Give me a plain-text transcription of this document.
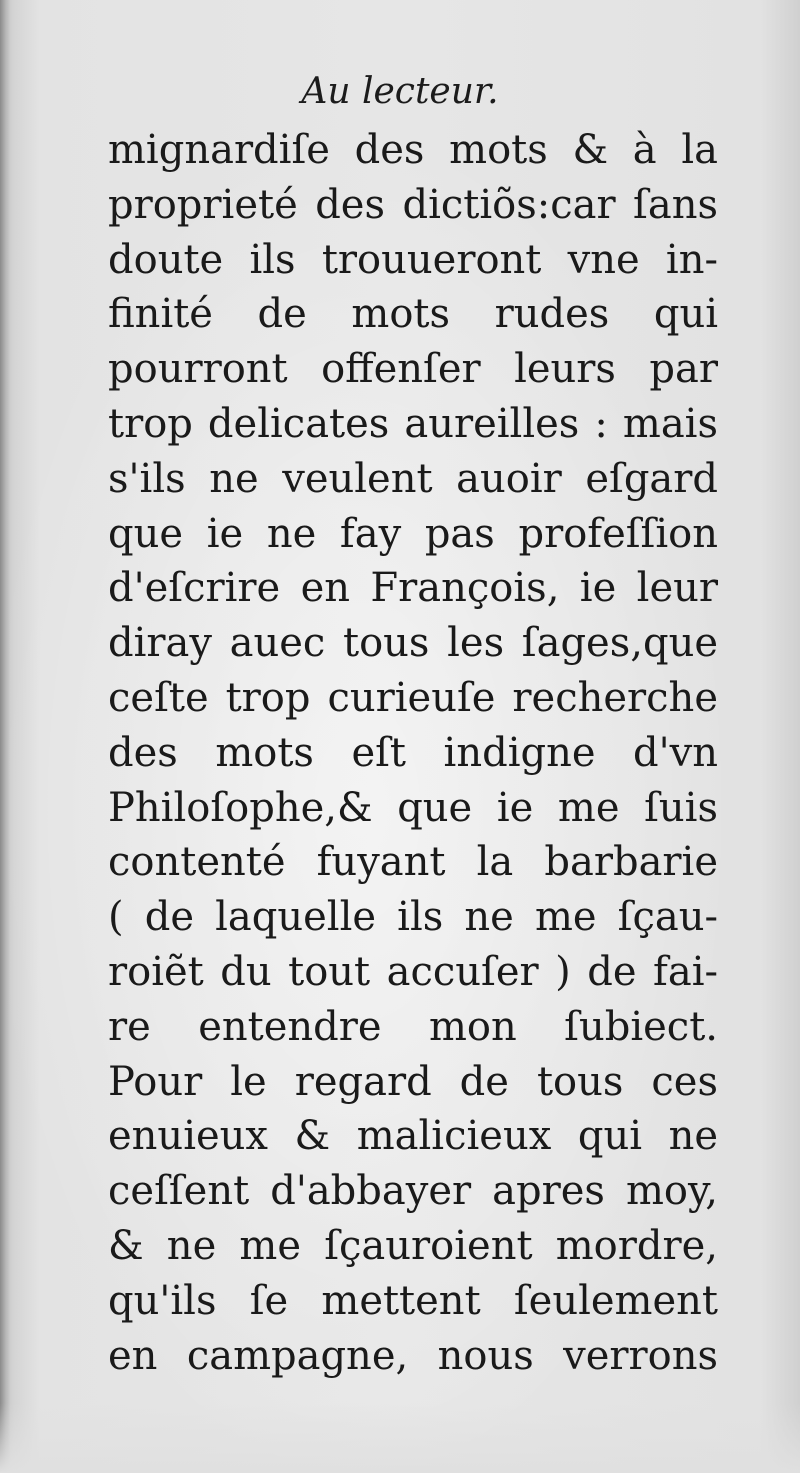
Au lecteur.
mignardiſe des mots & à la
proprieté des dictiõs:car ſans
doute ils trouueront vne in-
finité de mots rudes qui
pourront offenſer leurs par
trop delicates aureilles : mais
s'ils ne veulent auoir eſgard
que ie ne fay pas profeſſion
d'eſcrire en François, ie leur
diray auec tous les ſages,que
ceſte trop curieuſe recherche
des mots eſt indigne d'vn
Philoſophe,& que ie me ſuis
contenté fuyant la barbarie
( de laquelle ils ne me ſçau-
roiẽt du tout accuſer ) de fai-
re entendre mon ſubiect.
Pour le regard de tous ces
enuieux & malicieux qui ne
ceſſent d'abbayer apres moy,
& ne me ſçauroient mordre,
qu'ils ſe mettent ſeulement
en campagne, nous verrons
